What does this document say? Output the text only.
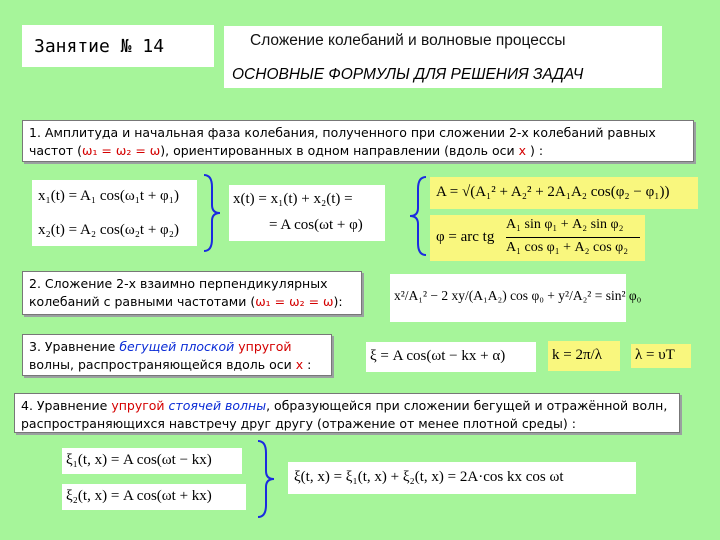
Занятие № 14	Сложение колебаний и волновые процессы
ОСНОВНЫЕ ФОРМУЛЫ ДЛЯ РЕШЕНИЯ ЗАДАЧ
1. Амплитуда и начальная фаза колебания, полученного при сложении 2-х колебаний равных частот (ω₁ = ω₂ = ω), ориентированных в одном направлении (вдоль оси x ) :
x₁(t) = A₁ cos(ω₁t + φ₁)
x₂(t) = A₂ cos(ω₂t + φ₂)
x(t) = x₁(t) + x₂(t) =
= A cos(ωt + φ)
A = √(A₁² + A₂² + 2A₁A₂ cos(φ₂ − φ₁))
φ = arc tg
A₁ sin φ₁ + A₂ sin φ₂
A₁ cos φ₁ + A₂ cos φ₂
2. Сложение 2-х взаимно перпендикулярных колебаний с равными частотами (ω₁ = ω₂ = ω):	x²/A₁² − 2 xy/(A₁A₂) cos φ₀ + y²/A₂² = sin² φ₀
3. Уравнение бегущей плоской упругой волны, распространяющейся вдоль оси x :
ξ = A cos(ωt − kx + α)	k = 2π/λ λ = υT
4. Уравнение упругой стоячей волны, образующейся при сложении бегущей и отражённой волн, распространяющихся навстречу друг другу (отражение от менее плотной среды) :
ξ₁(t, x) = A cos(ωt − kx)
ξ₂(t, x) = A cos(ωt + kx)
ξ(t, x) = ξ₁(t, x) + ξ₂(t, x) = 2A·cos kx cos ωt
